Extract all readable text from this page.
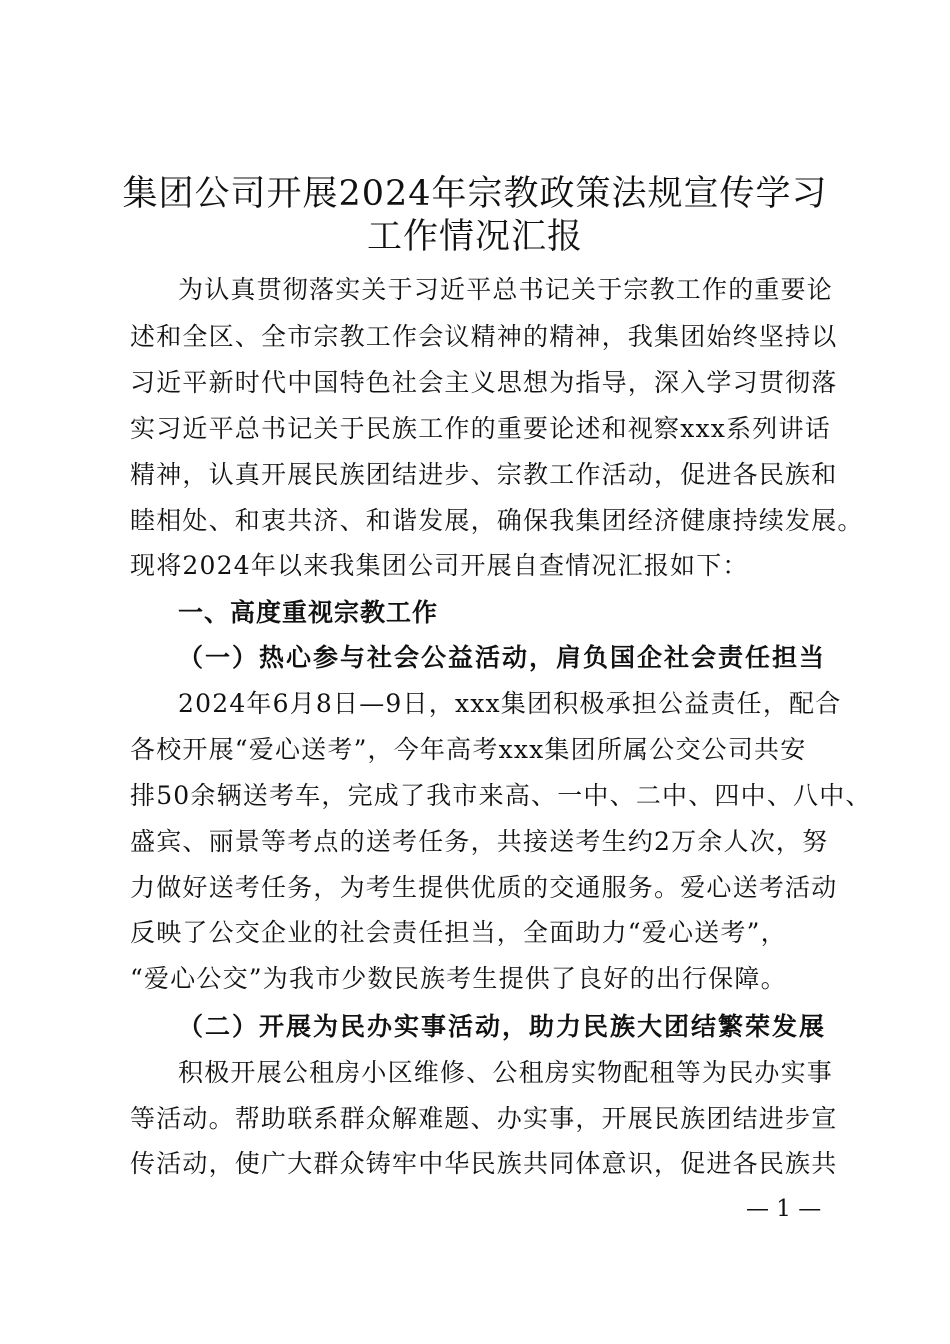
集团公司开展2024年宗教政策法规宣传学习
工作情况汇报
为认真贯彻落实关于习近平总书记关于宗教工作的重要论
述和全区、全市宗教工作会议精神的精神，我集团始终坚持以
习近平新时代中国特色社会主义思想为指导，深入学习贯彻落
实习近平总书记关于民族工作的重要论述和视察xxx系列讲话
精神，认真开展民族团结进步、宗教工作活动，促进各民族和
睦相处、和衷共济、和谐发展，确保我集团经济健康持续发展。
现将2024年以来我集团公司开展自查情况汇报如下：
一、高度重视宗教工作
（一）热心参与社会公益活动，肩负国企社会责任担当
2024年6月8日—9日，xxx集团积极承担公益责任，配合
各校开展“爱心送考”，今年高考xxx集团所属公交公司共安
排50余辆送考车，完成了我市来高、一中、二中、四中、八中、
盛宾、丽景等考点的送考任务，共接送考生约2万余人次，努
力做好送考任务，为考生提供优质的交通服务。爱心送考活动
反映了公交企业的社会责任担当，全面助力“爱心送考”，
“爱心公交”为我市少数民族考生提供了良好的出行保障。
（二）开展为民办实事活动，助力民族大团结繁荣发展
积极开展公租房小区维修、公租房实物配租等为民办实事
等活动。帮助联系群众解难题、办实事，开展民族团结进步宣
传活动，使广大群众铸牢中华民族共同体意识，促进各民族共
— 1 —
